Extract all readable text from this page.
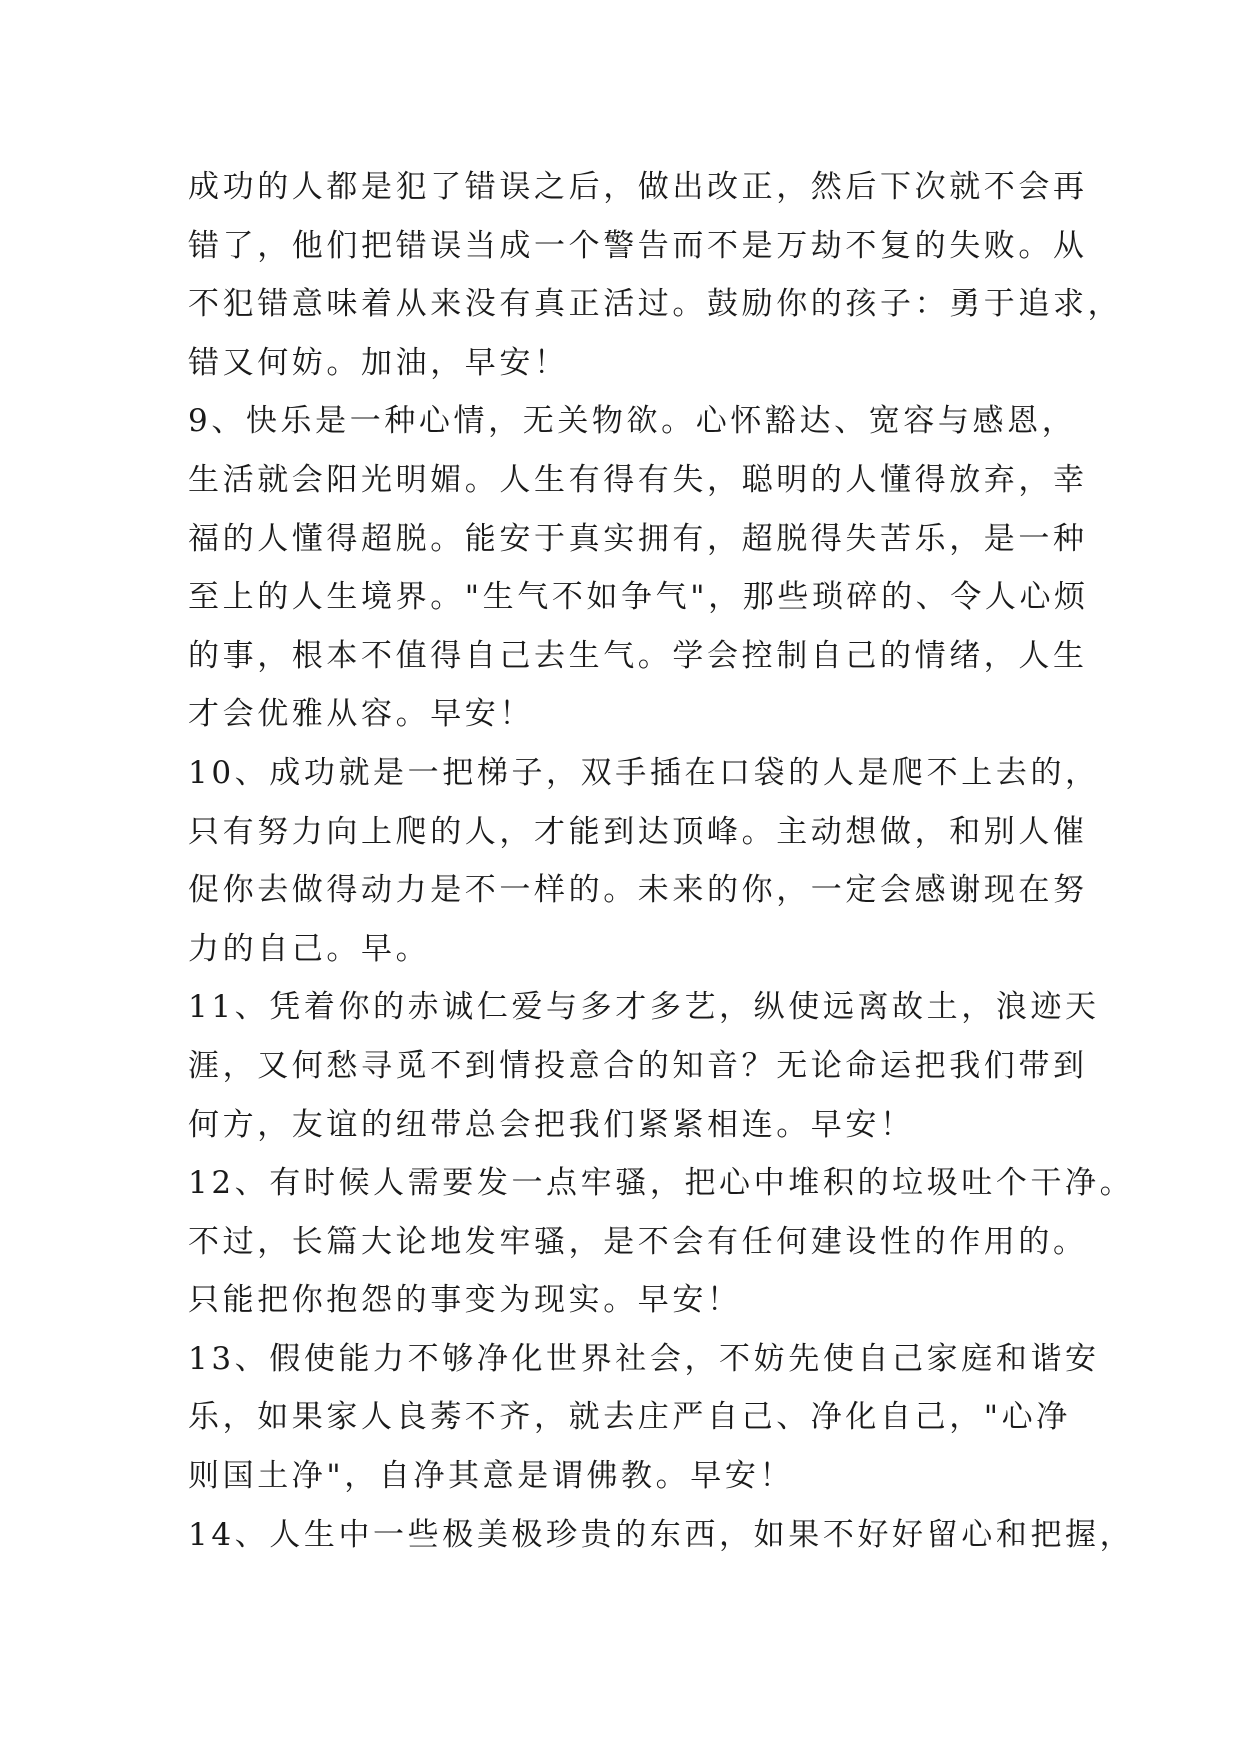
成功的人都是犯了错误之后，做出改正，然后下次就不会再
错了，他们把错误当成一个警告而不是万劫不复的失败。从
不犯错意味着从来没有真正活过。鼓励你的孩子：勇于追求，
错又何妨。加油，早安！
9、快乐是一种心情，无关物欲。心怀豁达、宽容与感恩，
生活就会阳光明媚。人生有得有失，聪明的人懂得放弃，幸
福的人懂得超脱。能安于真实拥有，超脱得失苦乐，是一种
至上的人生境界。"生气不如争气"，那些琐碎的、令人心烦
的事，根本不值得自己去生气。学会控制自己的情绪，人生
才会优雅从容。早安！
10、成功就是一把梯子，双手插在口袋的人是爬不上去的，
只有努力向上爬的人，才能到达顶峰。主动想做，和别人催
促你去做得动力是不一样的。未来的你，一定会感谢现在努
力的自己。早。
11、凭着你的赤诚仁爱与多才多艺，纵使远离故土，浪迹天
涯，又何愁寻觅不到情投意合的知音？无论命运把我们带到
何方，友谊的纽带总会把我们紧紧相连。早安！
12、有时候人需要发一点牢骚，把心中堆积的垃圾吐个干净。
不过，长篇大论地发牢骚，是不会有任何建设性的作用的。
只能把你抱怨的事变为现实。早安！
13、假使能力不够净化世界社会，不妨先使自己家庭和谐安
乐，如果家人良莠不齐，就去庄严自己、净化自己，"心净
则国土净"，自净其意是谓佛教。早安！
14、人生中一些极美极珍贵的东西，如果不好好留心和把握，
